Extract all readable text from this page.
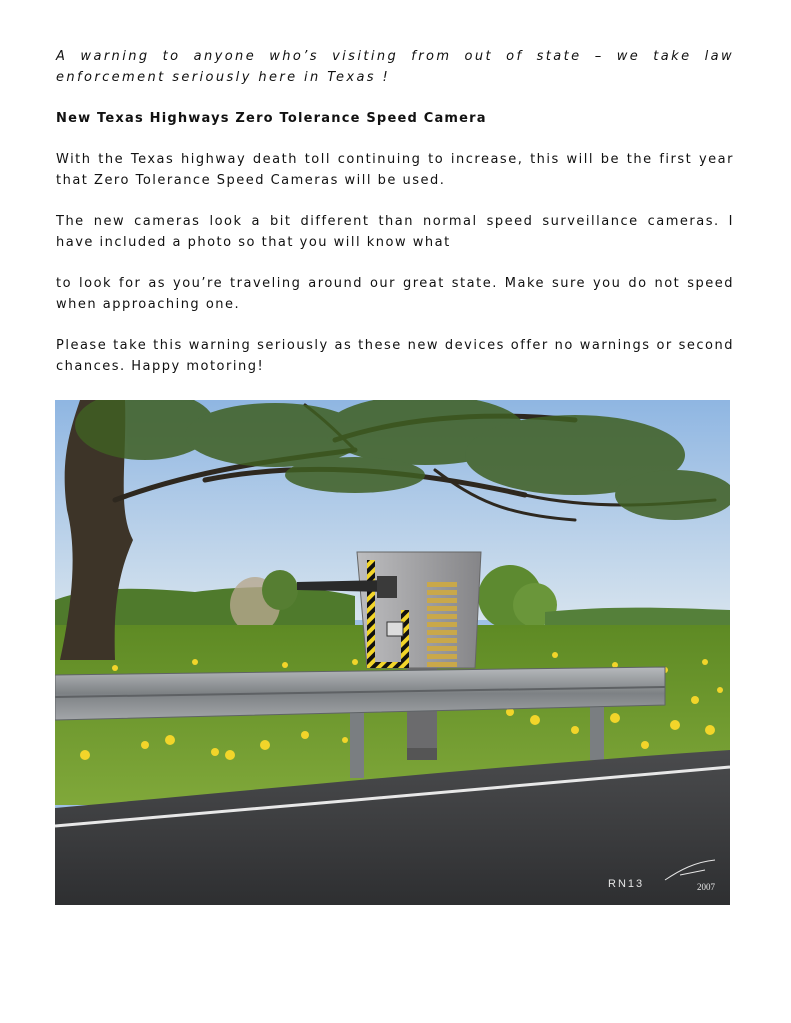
A warning to anyone who’s visiting from out of state – we take law enforcement seriously here in Texas !

New Texas Highways Zero Tolerance Speed Camera

With the Texas highway death toll continuing to increase, this will be the first year that Zero Tolerance Speed Cameras will be used.

The new cameras look a bit different than normal speed surveillance cameras. I have included a photo so that you will know what

to look for as you’re traveling around our great state. Make sure you do not speed when approaching one.

Please take this warning seriously as these new devices offer no warnings or second chances. Happy motoring!

RN13	2007
